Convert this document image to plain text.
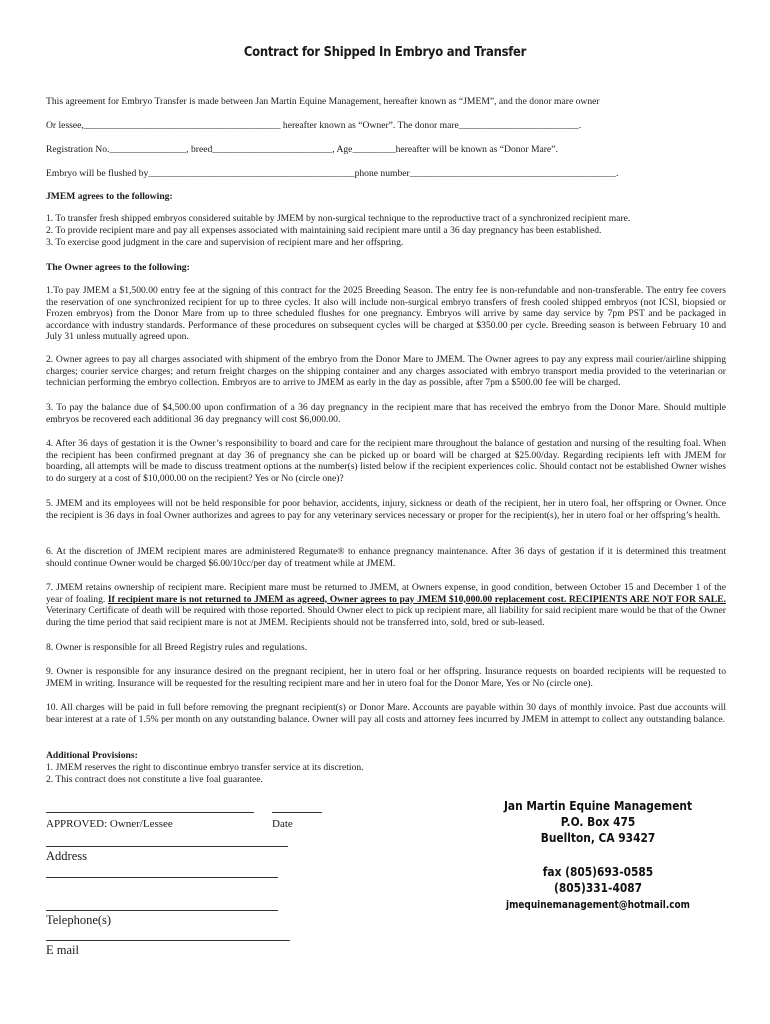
Contract for Shipped In Embryo and Transfer
This agreement for Embryo Transfer is made between Jan Martin Equine Management, hereafter known as “JMEM”, and the donor mare owner
Or lessee,_________________________________________ hereafter known as “Owner”. The donor mare_________________________.
Registration No.________________, breed_________________________, Age_________hereafter will be known as “Donor Mare”.
Embryo will be flushed by___________________________________________phone number___________________________________________.
JMEM agrees to the following:
1. To transfer fresh shipped embryos considered suitable by JMEM by non-surgical technique to the reproductive tract of a synchronized recipient mare.
2. To provide recipient mare and pay all expenses associated with maintaining said recipient mare until a 36 day pregnancy has been established.
3. To exercise good judgment in the care and supervision of recipient mare and her offspring.
The Owner agrees to the following:

1.To pay JMEM a $1,500.00 entry fee at the signing of this contract for the 2025 Breeding Season. The entry fee is non-refundable and non-transferable. The entry fee covers the reservation of one synchronized recipient for up to three cycles. It also will include non-surgical embryo transfers of fresh cooled shipped embryos (not ICSI, biopsied or Frozen embryos) from the Donor Mare from up to three scheduled flushes for one pregnancy. Embryos will arrive by same day service by 7pm PST and be packaged in accordance with industry standards. Performance of these procedures on subsequent cycles will be charged at $350.00 per cycle. Breeding season is between February 10 and July 31 unless mutually agreed upon.

2. Owner agrees to pay all charges associated with shipment of the embryo from the Donor Mare to JMEM. The Owner agrees to pay any express mail courier/airline shipping charges; courier service charges; and return freight charges on the shipping container and any charges associated with embryo transport media provided to the veterinarian or technician performing the embryo collection. Embryos are to arrive to JMEM as early in the day as possible, after 7pm a $500.00 fee will be charged.

3. To pay the balance due of $4,500.00 upon confirmation of a 36 day pregnancy in the recipient mare that has received the embryo from the Donor Mare. Should multiple embryos be recovered each additional 36 day pregnancy will cost $6,000.00.

4. After 36 days of gestation it is the Owner’s responsibility to board and care for the recipient mare throughout the balance of gestation and nursing of the resulting foal. When the recipient has been confirmed pregnant at day 36 of pregnancy she can be picked up or board will be charged at $25.00/day. Regarding recipients left with JMEM for boarding, all attempts will be made to discuss treatment options at the number(s) listed below if the recipient experiences colic. Should contact not be established Owner wishes to do surgery at a cost of $10,000.00 on the recipient? Yes or No (circle one)?

5. JMEM and its employees will not be held responsible for poor behavior, accidents, injury, sickness or death of the recipient, her in utero foal, her offspring or Owner. Once the recipient is 36 days in foal Owner authorizes and agrees to pay for any veterinary services necessary or proper for the recipient(s), her in utero foal or her offspring’s health.

6. At the discretion of JMEM recipient mares are administered Regumate® to enhance pregnancy maintenance. After 36 days of gestation if it is determined this treatment should continue Owner would be charged $6.00/10cc/per day of treatment while at JMEM.

7. JMEM retains ownership of recipient mare. Recipient mare must be returned to JMEM, at Owners expense, in good condition, between October 15 and December 1 of the year of foaling. If recipient mare is not returned to JMEM as agreed, Owner agrees to pay JMEM $10,000.00 replacement cost. RECIPIENTS ARE NOT FOR SALE. Veterinary Certificate of death will be required with those reported. Should Owner elect to pick up recipient mare, all liability for said recipient mare would be that of the Owner during the time period that said recipient mare is not at JMEM. Recipients should not be transferred into, sold, bred or sub-leased.

8. Owner is responsible for all Breed Registry rules and regulations.

9. Owner is responsible for any insurance desired on the pregnant recipient, her in utero foal or her offspring. Insurance requests on boarded recipients will be requested to JMEM in writing. Insurance will be requested for the resulting recipient mare and her in utero foal for the Donor Mare, Yes or No (circle one).

10. All charges will be paid in full before removing the pregnant recipient(s) or Donor Mare. Accounts are payable within 30 days of monthly invoice. Past due accounts will bear interest at a rate of 1.5% per month on any outstanding balance. Owner will pay all costs and attorney fees incurred by JMEM in attempt to collect any outstanding balance.

Additional Provisions:
1. JMEM reserves the right to discontinue embryo transfer service at its discretion.
2. This contract does not constitute a live foal guarantee.
APPROVED: Owner/Lessee	Date
Address
Telephone(s)
E mail
Jan Martin Equine Management
P.O. Box 475
Buellton, CA 93427
fax (805)693-0585
(805)331-4087
jmequinemanagement@hotmail.com
